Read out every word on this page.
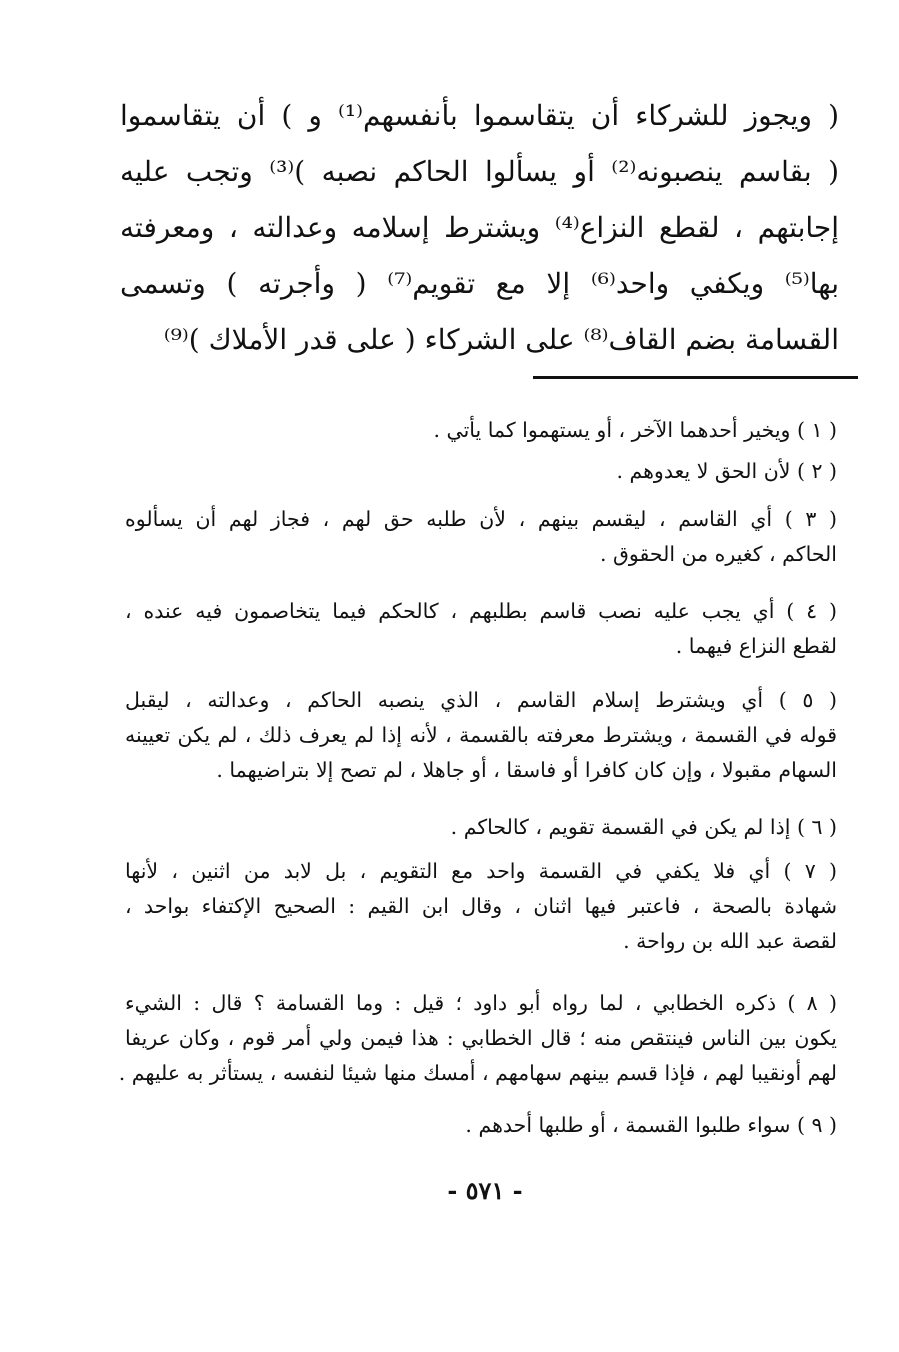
( ويجوز للشركاء أن يتقاسموا بأنفسهم⁽¹⁾ و ) أن يتقاسموا
( بقاسم ينصبونه⁽²⁾ أو يسألوا الحاكم نصبه )⁽³⁾ وتجب عليه
إجابتهم ، لقطع النزاع⁽⁴⁾ ويشترط إسلامه وعدالته ، ومعرفته
بها⁽⁵⁾ ويكفي واحد⁽⁶⁾ إلا مع تقويم⁽⁷⁾ ( وأجرته ) وتسمى
القسامة بضم القاف⁽⁸⁾ على الشركاء ( على قدر الأملاك )⁽⁹⁾
( ١ ) ويخير أحدهما الآخر ، أو يستهموا كما يأتي .
( ٢ ) لأن الحق لا يعدوهم .
( ٣ ) أي القاسم ، ليقسم بينهم ، لأن طلبه حق لهم ، فجاز لهم أن يسألوه
الحاكم ، كغيره من الحقوق .
( ٤ ) أي يجب عليه نصب قاسم بطلبهم ، كالحكم فيما يتخاصمون فيه عنده ،
لقطع النزاع فيهما .
( ٥ ) أي ويشترط إسلام القاسم ، الذي ينصبه الحاكم ، وعدالته ، ليقبل
قوله في القسمة ، ويشترط معرفته بالقسمة ، لأنه إذا لم يعرف ذلك ، لم يكن تعيينه
السهام مقبولا ، وإن كان كافرا أو فاسقا ، أو جاهلا ، لم تصح إلا بتراضيهما .
( ٦ ) إذا لم يكن في القسمة تقويم ، كالحاكم .
( ٧ ) أي فلا يكفي في القسمة واحد مع التقويم ، بل لابد من اثنين ، لأنها
شهادة بالصحة ، فاعتبر فيها اثنان ، وقال ابن القيم : الصحيح الإكتفاء بواحد ،
لقصة عبد الله بن رواحة .
( ٨ ) ذكره الخطابي ، لما رواه أبو داود ؛ قيل : وما القسامة ؟ قال : الشيء
يكون بين الناس فينتقص منه ؛ قال الخطابي : هذا فيمن ولي أمر قوم ، وكان عريفا
لهم أونقيبا لهم ، فإذا قسم بينهم سهامهم ، أمسك منها شيئا لنفسه ، يستأثر به عليهم .
( ٩ ) سواء طلبوا القسمة ، أو طلبها أحدهم .
- ٥٧١ -
